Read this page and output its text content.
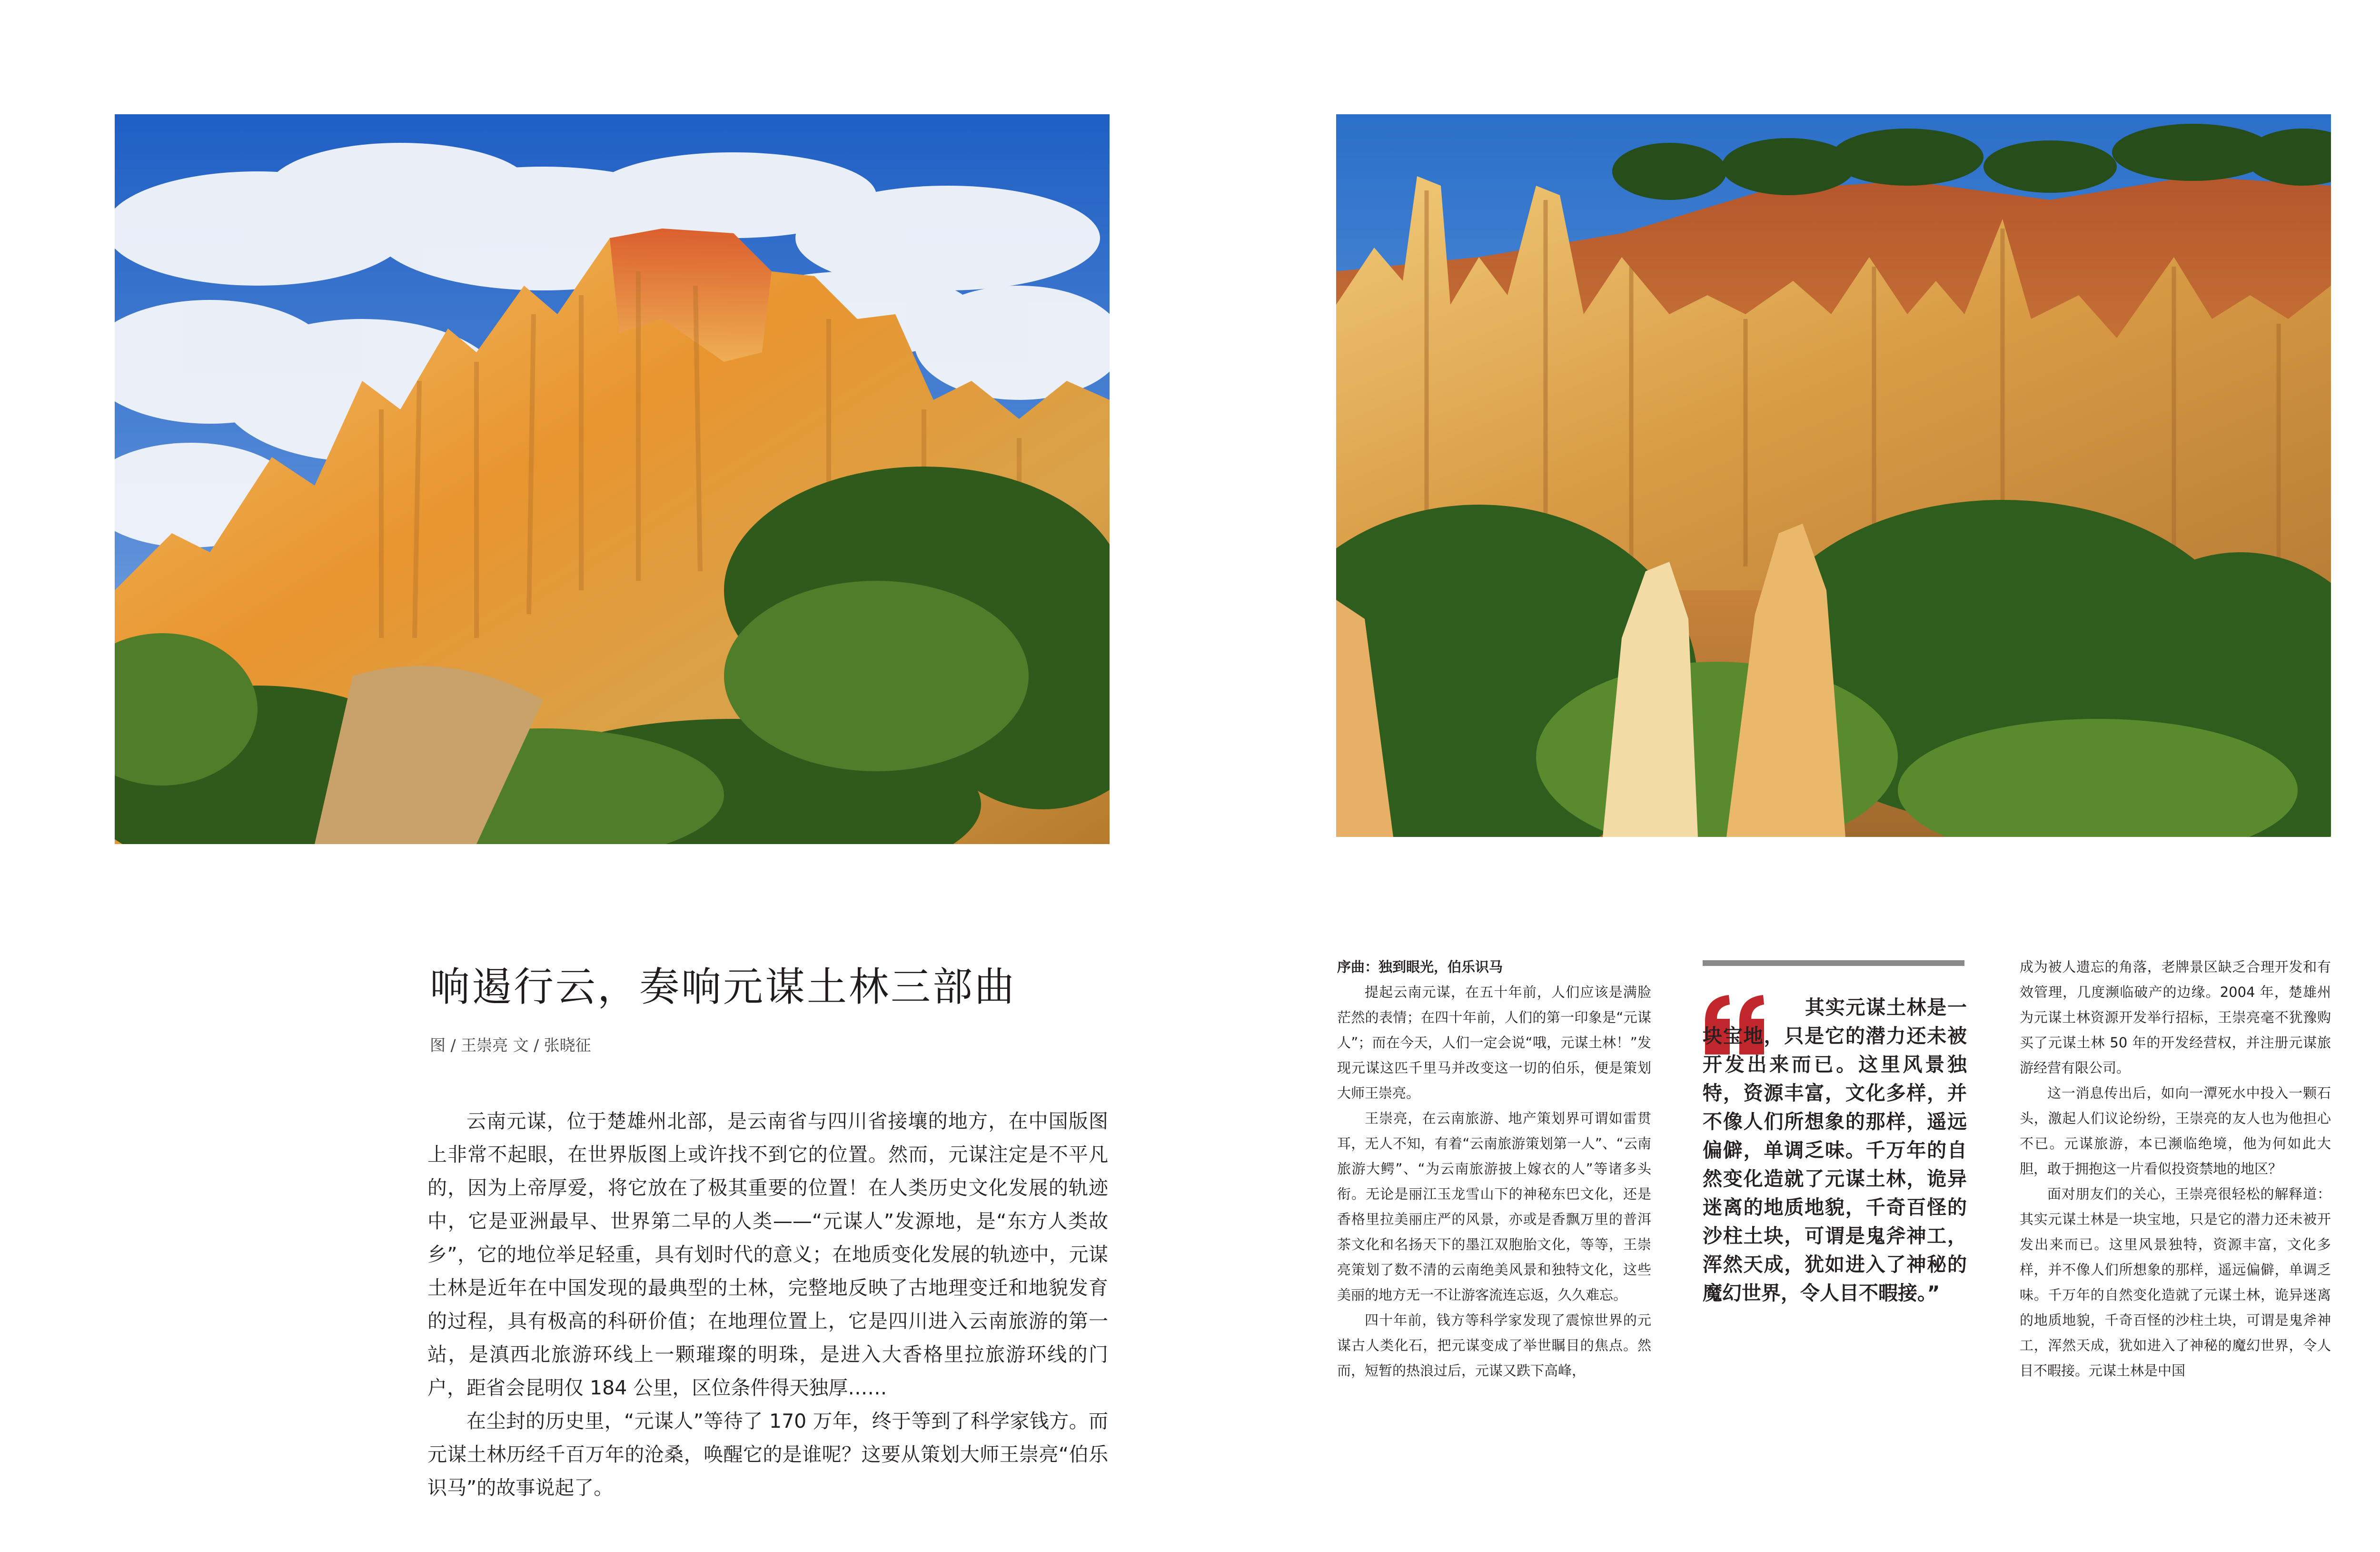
响遏行云，奏响元谋土林三部曲
图 / 王崇亮 文 / 张晓征

云南元谋，位于楚雄州北部，是云南省与四川省接壤的地方，在中国版图上非常不起眼，在世界版图上或许找不到它的位置。然而，元谋注定是不平凡的，因为上帝厚爱，将它放在了极其重要的位置！在人类历史文化发展的轨迹中，它是亚洲最早、世界第二早的人类——“元谋人”发源地，是“东方人类故乡”，它的地位举足轻重，具有划时代的意义；在地质变化发展的轨迹中，元谋土林是近年在中国发现的最典型的土林，完整地反映了古地理变迁和地貌发育的过程，具有极高的科研价值；在地理位置上，它是四川进入云南旅游的第一站，是滇西北旅游环线上一颗璀璨的明珠，是进入大香格里拉旅游环线的门户，距省会昆明仅 184 公里，区位条件得天独厚……

在尘封的历史里，“元谋人”等待了 170 万年，终于等到了科学家钱方。而元谋土林历经千百万年的沧桑，唤醒它的是谁呢？这要从策划大师王崇亮“伯乐识马”的故事说起了。

序曲：独到眼光，伯乐识马

提起云南元谋，在五十年前，人们应该是满脸茫然的表情；在四十年前，人们的第一印象是“元谋人”；而在今天，人们一定会说“哦，元谋土林！”发现元谋这匹千里马并改变这一切的伯乐，便是策划大师王崇亮。

王崇亮，在云南旅游、地产策划界可谓如雷贯耳，无人不知，有着“云南旅游策划第一人”、“云南旅游大鳄”、“为云南旅游披上嫁衣的人”等诸多头衔。无论是丽江玉龙雪山下的神秘东巴文化，还是香格里拉美丽庄严的风景，亦或是香飘万里的普洱茶文化和名扬天下的墨江双胞胎文化，等等，王崇亮策划了数不清的云南绝美风景和独特文化，这些美丽的地方无一不让游客流连忘返，久久难忘。

四十年前，钱方等科学家发现了震惊世界的元谋古人类化石，把元谋变成了举世瞩目的焦点。然而，短暂的热浪过后，元谋又跌下高峰，

其实元谋土林是一块宝地，只是它的潜力还未被开发出来而已。这里风景独特，资源丰富，文化多样，并不像人们所想象的那样，遥远偏僻，单调乏味。千万年的自然变化造就了元谋土林，诡异迷离的地质地貌，千奇百怪的沙柱土块，可谓是鬼斧神工，浑然天成，犹如进入了神秘的魔幻世界，令人目不暇接。”

成为被人遗忘的角落，老牌景区缺乏合理开发和有效管理，几度濒临破产的边缘。2004 年，楚雄州为元谋土林资源开发举行招标，王崇亮毫不犹豫购买了元谋土林 50 年的开发经营权，并注册元谋旅游经营有限公司。

这一消息传出后，如向一潭死水中投入一颗石头，激起人们议论纷纷，王崇亮的友人也为他担心不已。元谋旅游，本已濒临绝境，他为何如此大胆，敢于拥抱这一片看似投资禁地的地区？

面对朋友们的关心，王崇亮很轻松的解释道：其实元谋土林是一块宝地，只是它的潜力还未被开发出来而已。这里风景独特，资源丰富，文化多样，并不像人们所想象的那样，遥远偏僻，单调乏味。千万年的自然变化造就了元谋土林，诡异迷离的地质地貌，千奇百怪的沙柱土块，可谓是鬼斧神工，浑然天成，犹如进入了神秘的魔幻世界，令人目不暇接。元谋土林是中国
